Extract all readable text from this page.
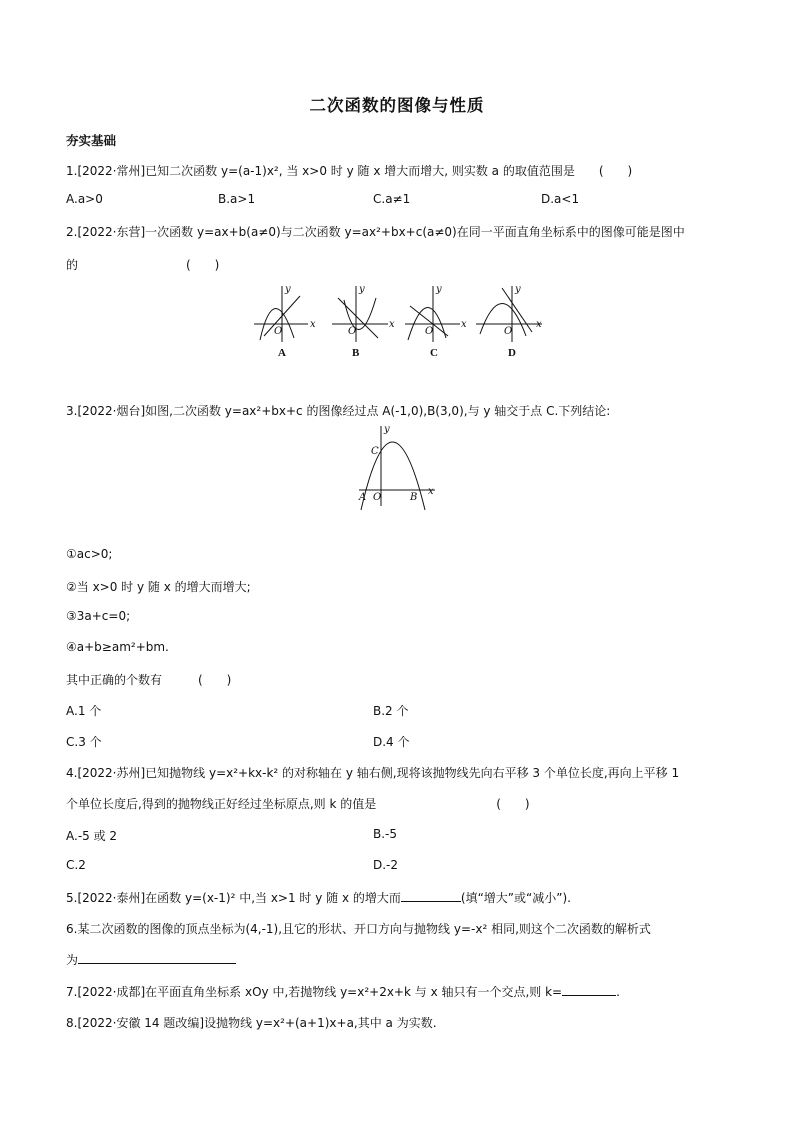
二次函数的图像与性质
夯实基础
1.[2022·常州]已知二次函数 y=(a-1)x², 当 x>0 时 y 随 x 增大而增大, 则实数 a 的取值范围是　　(　　)
A.a>0	B.a>1	C.a≠1	D.a<1
2.[2022·东营]一次函数 y=ax+b(a≠0)与二次函数 y=ax²+bx+c(a≠0)在同一平面直角坐标系中的图像可能是图中
的　　　　　　　　　(　　)
y
x
O
y
x
O
y
x
O
y
x
O
A	B	C	D
3.[2022·烟台]如图,二次函数 y=ax²+bx+c 的图像经过点 A(-1,0),B(3,0),与 y 轴交于点 C.下列结论:
y
x
C
A O	B
①ac>0;
②当 x>0 时 y 随 x 的增大而增大;
③3a+c=0;
④a+b≥am²+bm.
其中正确的个数有　　　(　　)
A.1 个	B.2 个
C.3 个	D.4 个
4.[2022·苏州]已知抛物线 y=x²+kx-k² 的对称轴在 y 轴右侧,现将该抛物线先向右平移 3 个单位长度,再向上平移 1
个单位长度后,得到的抛物线正好经过坐标原点,则 k 的值是　　　　　　　　　　(　　)
A.-5 或 2	B.-5
C.2	D.-2
5.[2022·泰州]在函数 y=(x-1)² 中,当 x>1 时 y 随 x 的增大而	(填“增大”或“减小”).
6.某二次函数的图像的顶点坐标为(4,-1),且它的形状、开口方向与抛物线 y=-x² 相同,则这个二次函数的解析式
为
7.[2022·成都]在平面直角坐标系 xOy 中,若抛物线 y=x²+2x+k 与 x 轴只有一个交点,则 k=	.
8.[2022·安徽 14 题改编]设抛物线 y=x²+(a+1)x+a,其中 a 为实数.
